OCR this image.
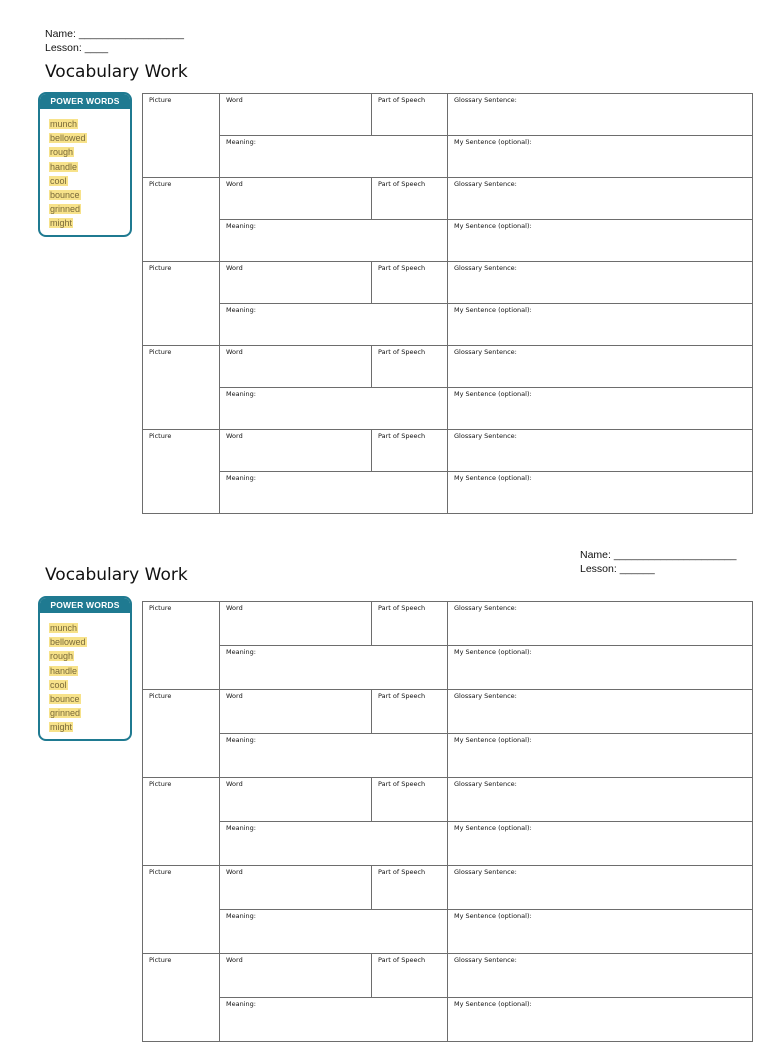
Name: __________________
Lesson: ____
Vocabulary Work
POWER WORDS
munch
bellowed
rough
handle
cool
bounce
grinned
might
Picture	Word	Part of Speech	Glossary Sentence:
	Meaning:		My Sentence (optional):
Picture	Word	Part of Speech	Glossary Sentence:
	Meaning:		My Sentence (optional):
Picture	Word	Part of Speech	Glossary Sentence:
	Meaning:		My Sentence (optional):
Picture	Word	Part of Speech	Glossary Sentence:
	Meaning:		My Sentence (optional):
Picture	Word	Part of Speech	Glossary Sentence:
	Meaning:		My Sentence (optional):
Name: _____________________
Lesson: ______
Vocabulary Work
POWER WORDS
munch
bellowed
rough
handle
cool
bounce
grinned
might
Picture	Word	Part of Speech	Glossary Sentence:
	Meaning:		My Sentence (optional):
Picture	Word	Part of Speech	Glossary Sentence:
	Meaning:		My Sentence (optional):
Picture	Word	Part of Speech	Glossary Sentence:
	Meaning:		My Sentence (optional):
Picture	Word	Part of Speech	Glossary Sentence:
	Meaning:		My Sentence (optional):
Picture	Word	Part of Speech	Glossary Sentence:
	Meaning:		My Sentence (optional):
